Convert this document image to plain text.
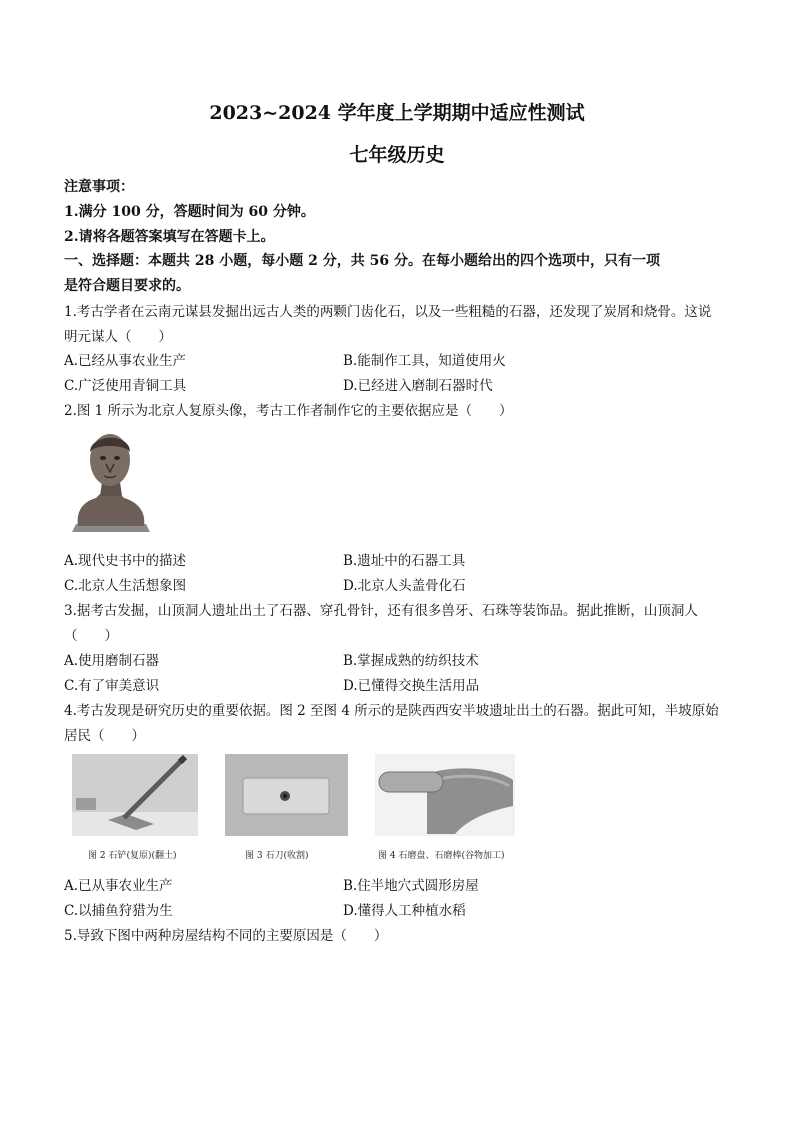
2023~2024 学年度上学期期中适应性测试
七年级历史
注意事项：
1.满分 100 分，答题时间为 60 分钟。
2.请将各题答案填写在答题卡上。
一、选择题：本题共 28 小题，每小题 2 分，共 56 分。在每小题给出的四个选项中，只有一项
是符合题目要求的。
1.考古学者在云南元谋县发掘出远古人类的两颗门齿化石，以及一些粗糙的石器，还发现了炭屑和烧骨。这说
明元谋人（　　）
A.已经从事农业生产	B.能制作工具，知道使用火
C.广泛使用青铜工具	D.已经进入磨制石器时代
2.图 1 所示为北京人复原头像，考古工作者制作它的主要依据应是（　　）
A.现代史书中的描述	B.遗址中的石器工具
C.北京人生活想象图	D.北京人头盖骨化石
3.据考古发掘，山顶洞人遗址出土了石器、穿孔骨针，还有很多兽牙、石珠等装饰品。据此推断，山顶洞人
（　　）
A.使用磨制石器	B.掌握成熟的纺织技术
C.有了审美意识	D.已懂得交换生活用品
4.考古发现是研究历史的重要依据。图 2 至图 4 所示的是陕西西安半坡遗址出土的石器。据此可知，半坡原始
居民（　　）
图 2 石铲(复原)(翻土)	图 3 石刀(收割)	图 4 石磨盘、石磨棒(谷物加工)
A.已从事农业生产	B.住半地穴式圆形房屋
C.以捕鱼狩猎为生	D.懂得人工种植水稻
5.导致下图中两种房屋结构不同的主要原因是（　　）
